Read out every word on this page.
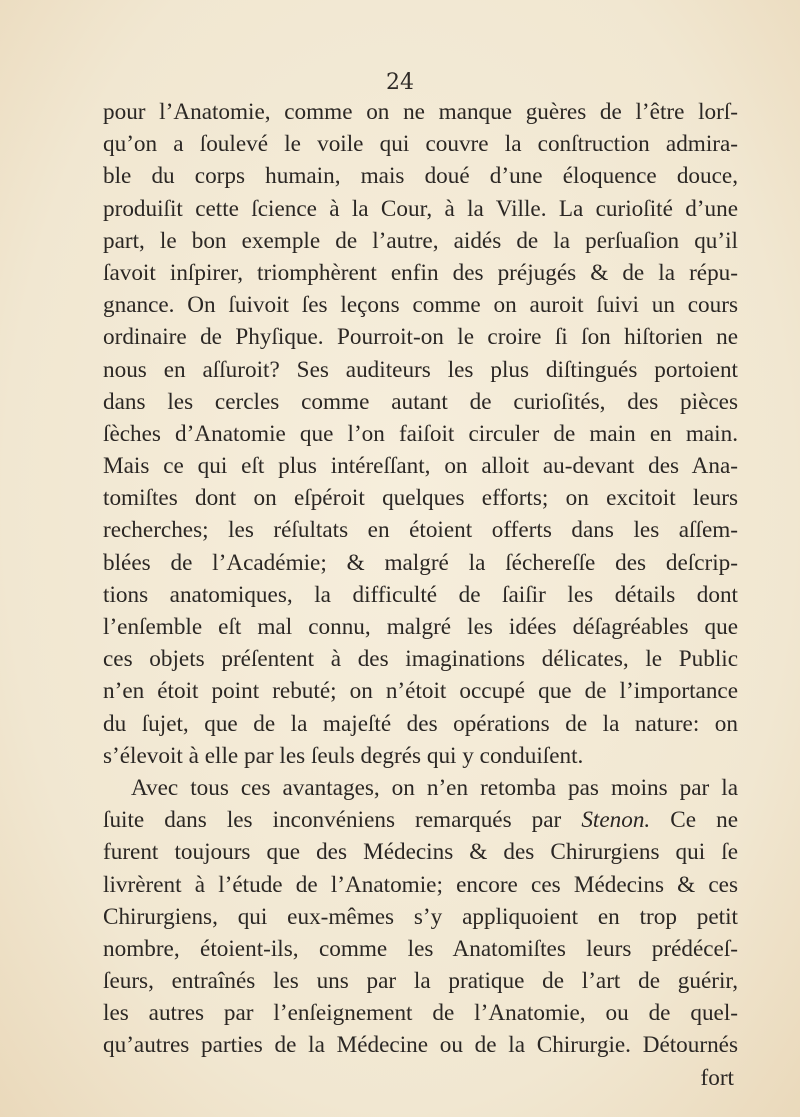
24
pour l’Anatomie, comme on ne manque guères de l’être lorſ-
qu’on a ſoulevé le voile qui couvre la conſtruction admira-
ble du corps humain, mais doué d’une éloquence douce,
produiſit cette ſcience à la Cour, à la Ville. La curioſité d’une
part, le bon exemple de l’autre, aidés de la perſuaſion qu’il
ſavoit inſpirer, triomphèrent enfin des préjugés & de la répu-
gnance. On ſuivoit ſes leçons comme on auroit ſuivi un cours
ordinaire de Phyſique. Pourroit-on le croire ſi ſon hiſtorien ne
nous en aſſuroit? Ses auditeurs les plus diſtingués portoient
dans les cercles comme autant de curioſités, des pièces
ſèches d’Anatomie que l’on faiſoit circuler de main en main.
Mais ce qui eſt plus intéreſſant, on alloit au-devant des Ana-
tomiſtes dont on eſpéroit quelques efforts; on excitoit leurs
recherches; les réſultats en étoient offerts dans les aſſem-
blées de l’Académie; & malgré la ſéchereſſe des deſcrip-
tions anatomiques, la difficulté de ſaiſir les détails dont
l’enſemble eſt mal connu, malgré les idées déſagréables que
ces objets préſentent à des imaginations délicates, le Public
n’en étoit point rebuté; on n’étoit occupé que de l’importance
du ſujet, que de la majeſté des opérations de la nature: on
s’élevoit à elle par les ſeuls degrés qui y conduiſent.
Avec tous ces avantages, on n’en retomba pas moins par la
ſuite dans les inconvéniens remarqués par Stenon. Ce ne
furent toujours que des Médecins & des Chirurgiens qui ſe
livrèrent à l’étude de l’Anatomie; encore ces Médecins & ces
Chirurgiens, qui eux-mêmes s’y appliquoient en trop petit
nombre, étoient-ils, comme les Anatomiſtes leurs prédéceſ-
ſeurs, entraînés les uns par la pratique de l’art de guérir,
les autres par l’enſeignement de l’Anatomie, ou de quel-
qu’autres parties de la Médecine ou de la Chirurgie. Détournés
fort
